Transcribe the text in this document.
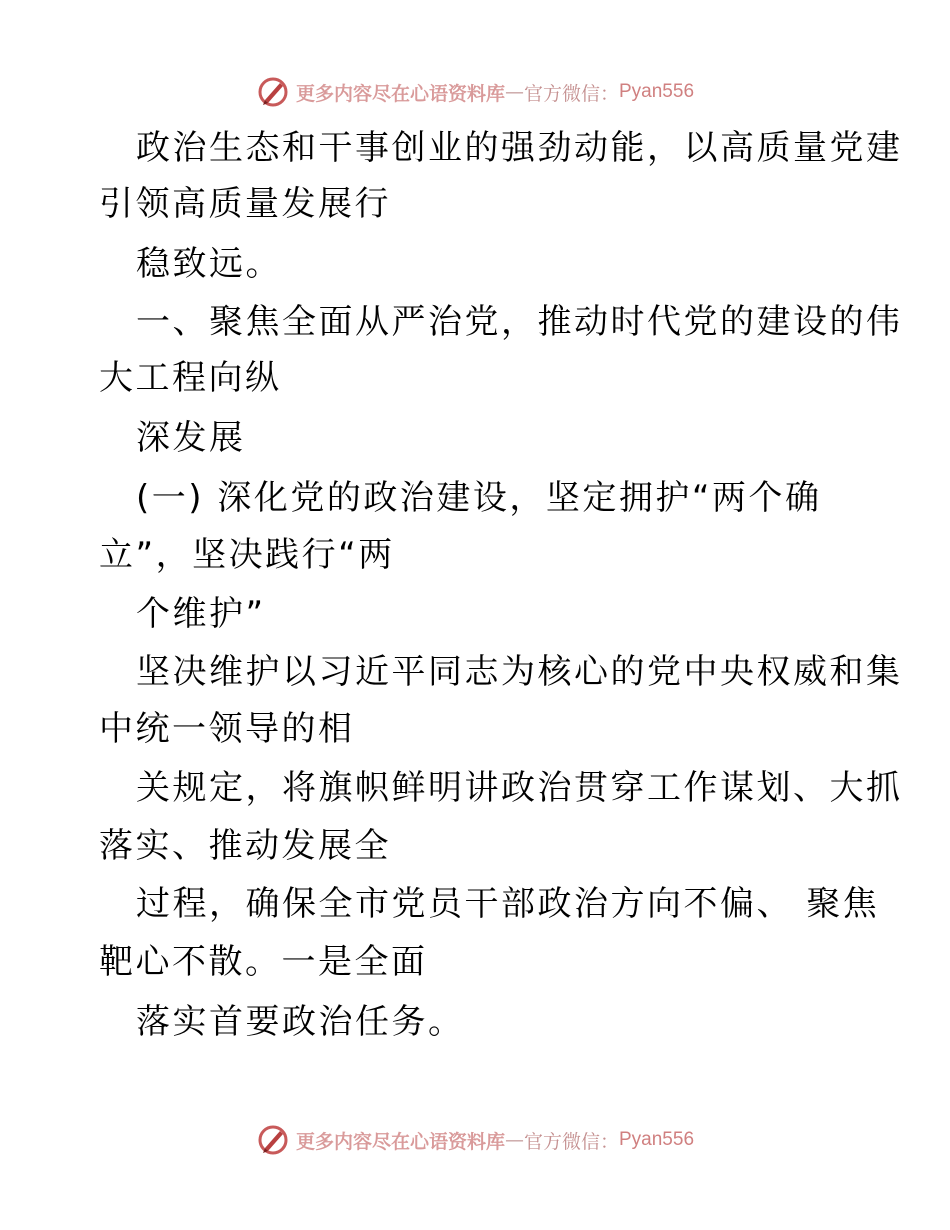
更多内容尽在心语资料库 — 官方微信： Pyan556
政治生态和干事创业的强劲动能，以高质量党建
引领高质量发展行
稳致远。
一、聚焦全面从严治党，推动时代党的建设的伟
大工程向纵
深发展
(一) 深化党的政治建设，坚定拥护“两个确
立”，坚决践行“两
个维护”
坚决维护以习近平同志为核心的党中央权威和集
中统一领导的相
关规定，将旗帜鲜明讲政治贯穿工作谋划、大抓
落实、推动发展全
过程，确保全市党员干部政治方向不偏、 聚焦
靶心不散。一是全面
落实首要政治任务。
更多内容尽在心语资料库 — 官方微信： Pyan556
